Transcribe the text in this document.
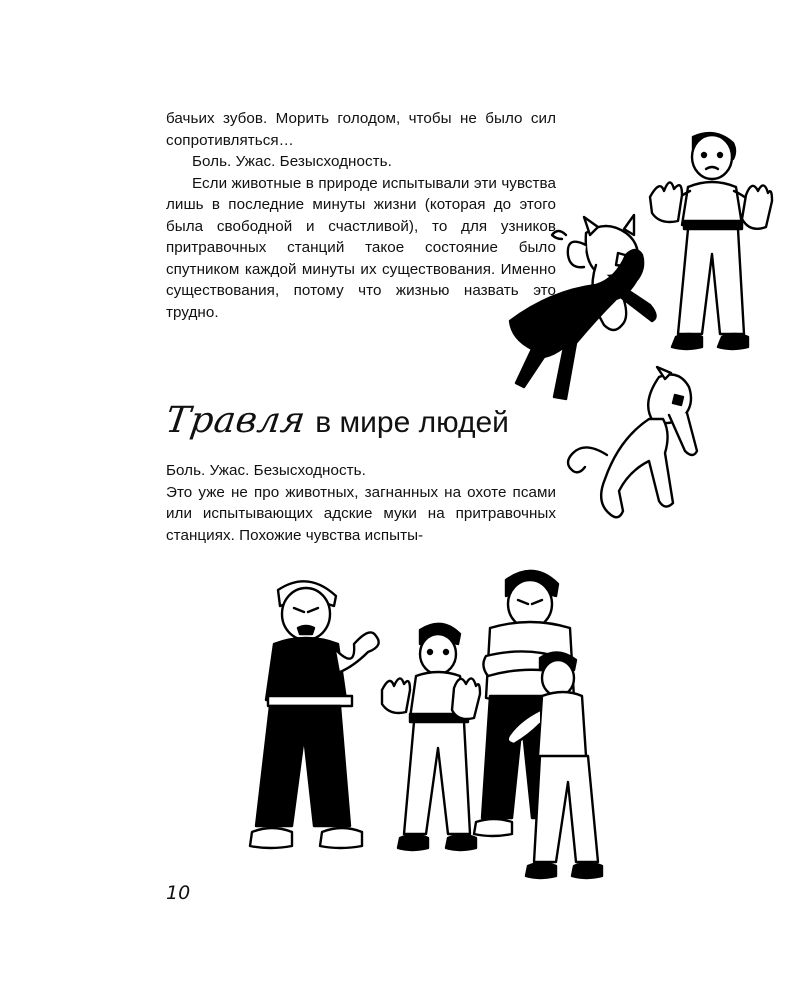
бачьих зубов. Морить голодом, чтобы не было сил сопротивляться…

Боль. Ужас. Безысходность.

Если животные в природе испытывали эти чувства лишь в последние минуты жизни (которая до этого была свободной и счастливой), то для узников притравочных станций такое состояние было спутником каждой минуты их существования. Именно существования, потому что жизнью назвать это трудно.

Травля в мире людей

Боль. Ужас. Безысходность.

Это уже не про животных, загнанных на охоте псами или испытывающих адские муки на притравочных станциях. Похожие чувства испыты-

10
